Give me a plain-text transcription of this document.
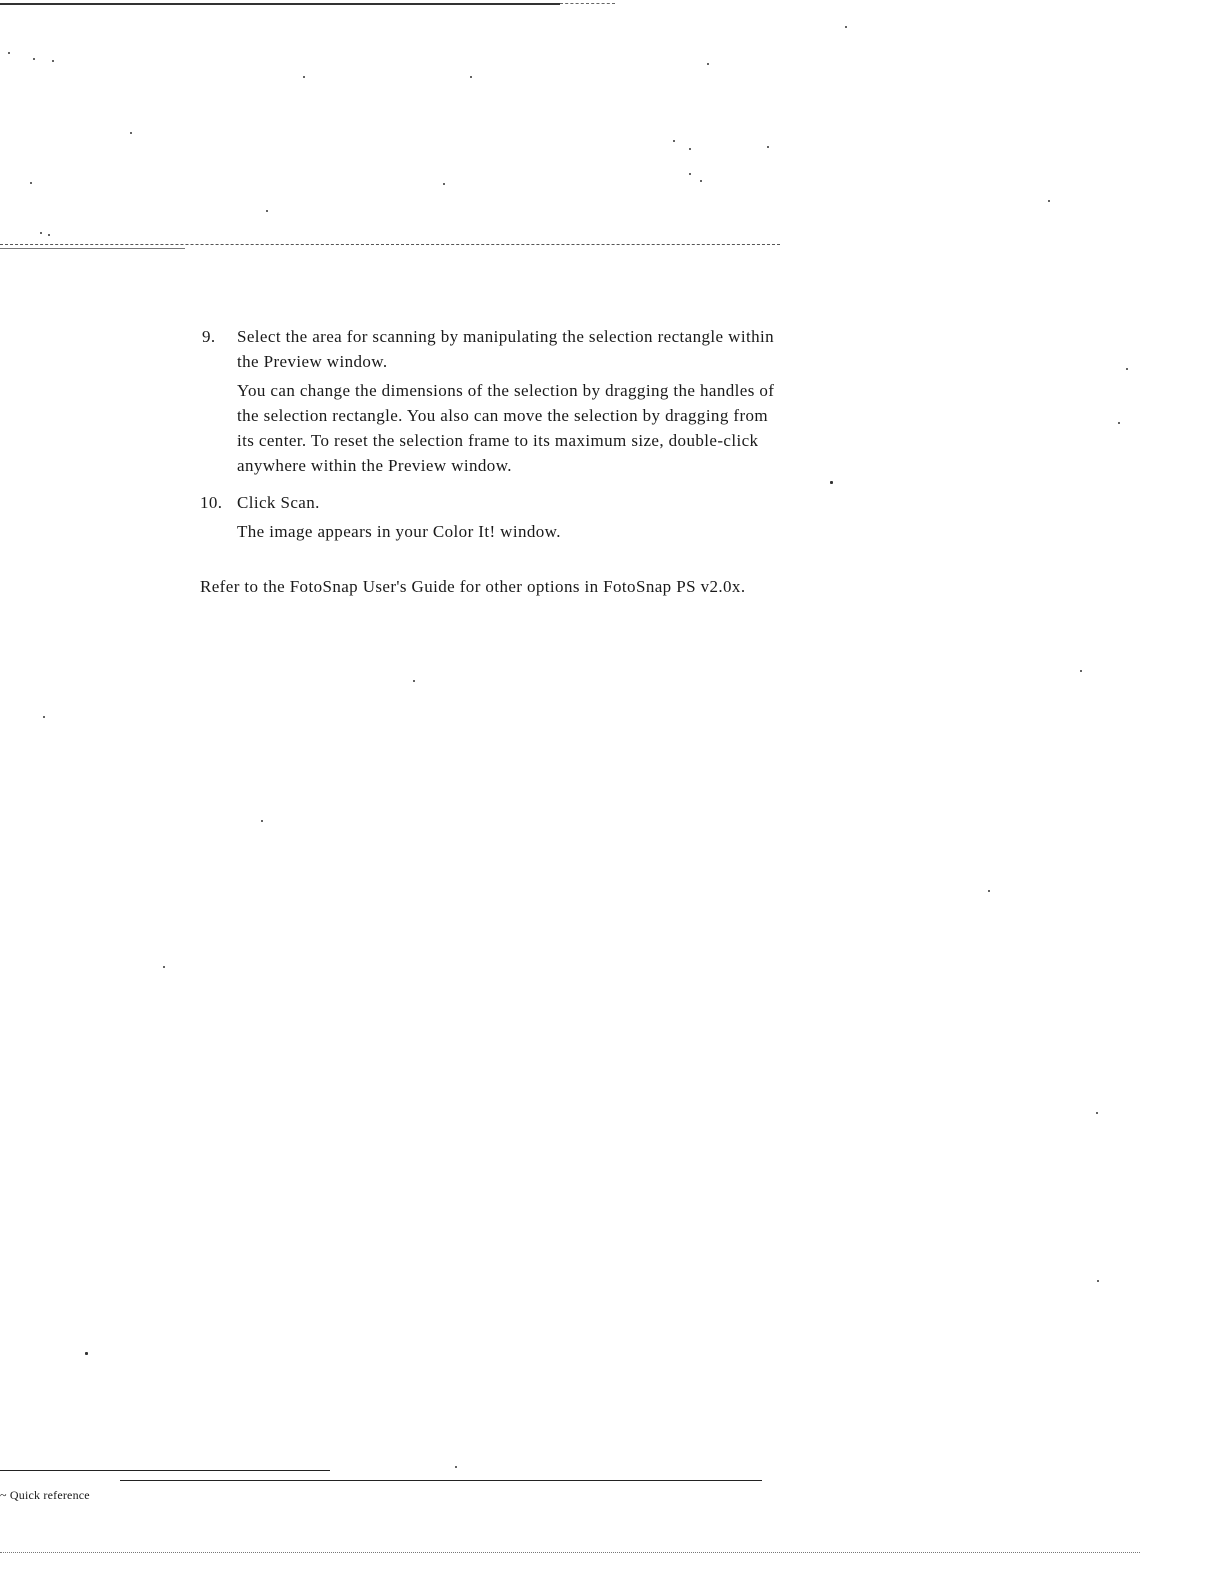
9. Select the area for scanning by manipulating the selection rectangle within the Preview window.

You can change the dimensions of the selection by dragging the handles of the selection rectangle. You also can move the selection by dragging from its center. To reset the selection frame to its maximum size, double-click anywhere within the Preview window.

10. Click Scan.

The image appears in your Color It! window.

Refer to the FotoSnap User's Guide for other options in FotoSnap PS v2.0x.

~ Quick reference
